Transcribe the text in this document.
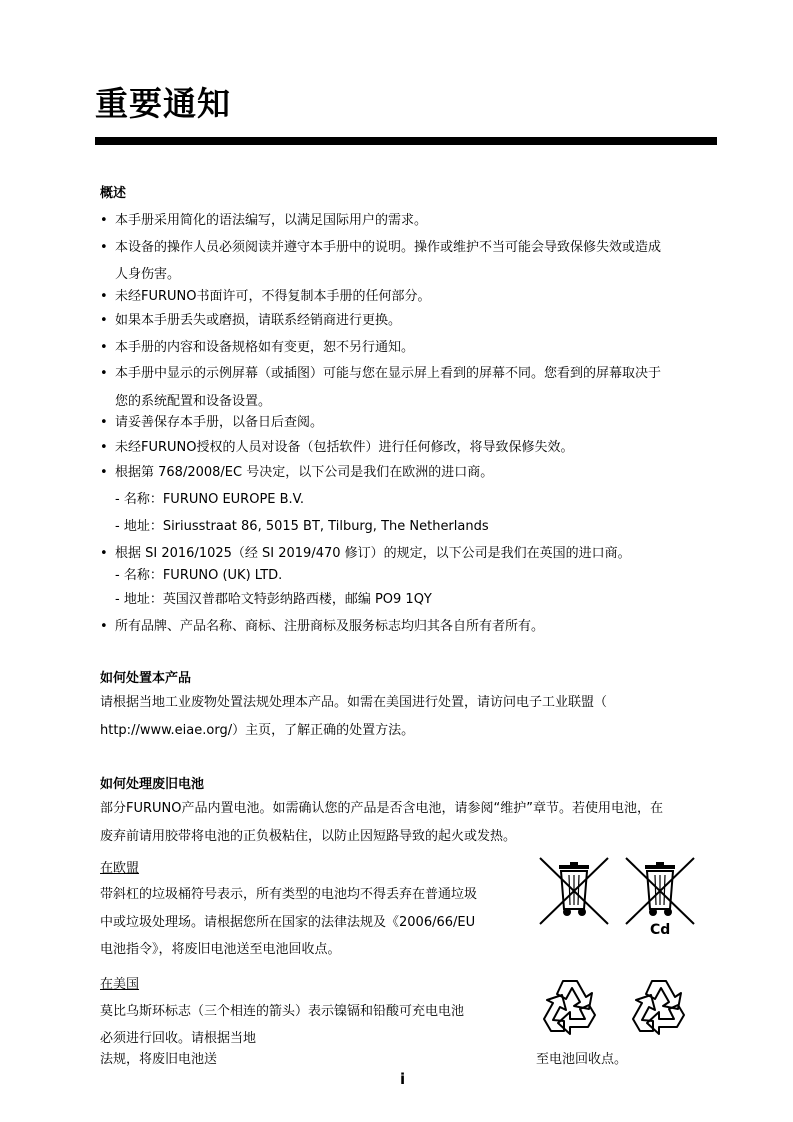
重要通知
概述
• 本手册采用简化的语法编写，以满足国际用户的需求。
• 本设备的操作人员必须阅读并遵守本手册中的说明。操作或维护不当可能会导致保修失效或造成
人身伤害。
• 未经FURUNO书面许可，不得复制本手册的任何部分。
• 如果本手册丢失或磨损，请联系经销商进行更换。
• 本手册的内容和设备规格如有变更，恕不另行通知。
• 本手册中显示的示例屏幕（或插图）可能与您在显示屏上看到的屏幕不同。您看到的屏幕取决于
您的系统配置和设备设置。
• 请妥善保存本手册，以备日后查阅。
• 未经FURUNO授权的人员对设备（包括软件）进行任何修改，将导致保修失效。
• 根据第 768/2008/EC 号决定，以下公司是我们在欧洲的进口商。
- 名称：FURUNO EUROPE B.V.
- 地址：Siriusstraat 86, 5015 BT, Tilburg, The Netherlands
• 根据 SI 2016/1025（经 SI 2019/470 修订）的规定，以下公司是我们在英国的进口商。
- 名称：FURUNO (UK) LTD.
- 地址：英国汉普郡哈文特彭纳路西楼，邮编 PO9 1QY
• 所有品牌、产品名称、商标、注册商标及服务标志均归其各自所有者所有。
如何处置本产品
请根据当地工业废物处置法规处理本产品。如需在美国进行处置，请访问电子工业联盟（
http://www.eiae.org/）主页，了解正确的处置方法。
如何处理废旧电池
部分FURUNO产品内置电池。如需确认您的产品是否含电池，请参阅“维护”章节。若使用电池，在
废弃前请用胶带将电池的正负极粘住，以防止因短路导致的起火或发热。
在欧盟
带斜杠的垃圾桶符号表示，所有类型的电池均不得丢弃在普通垃圾
中或垃圾处理场。请根据您所在国家的法律法规及《2006/66/EU
电池指令》，将废旧电池送至电池回收点。
在美国
莫比乌斯环标志（三个相连的箭头）表示镍镉和铅酸可充电电池
必须进行回收。请根据当地
法规，将废旧电池送	至电池回收点。
Cd
i
